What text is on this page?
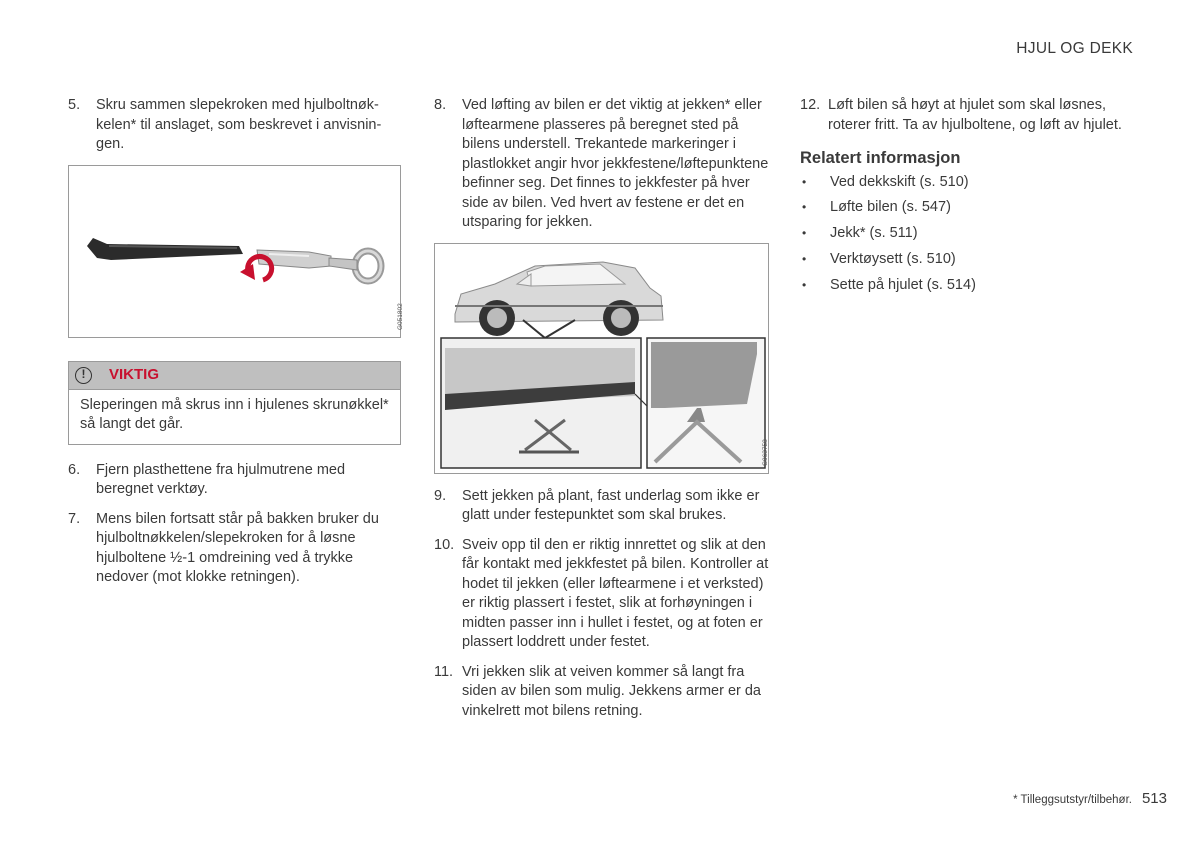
HJUL OG DEKK
5.	Skru sammen slepekroken med hjulboltnøkkelen* til anslaget, som beskrevet i anvisningen.
G051802
!	VIKTIG
Sleperingen må skrus inn i hjulenes skrunøkkel* så langt det går.
6.	Fjern plasthettene fra hjulmutrene med beregnet verktøy.
7.	Mens bilen fortsatt står på bakken bruker du hjulboltnøkkelen/slepekroken for å løsne hjulboltene ½-1 omdreining ved å trykke nedover (mot klokke retningen).
8.	Ved løfting av bilen er det viktig at jekken* eller løftearmene plasseres på beregnet sted på bilens understell. Trekantede markeringer i plastlokket angir hvor jekkfestene/løftepunktene befinner seg. Det finnes to jekkfester på hver side av bilen. Ved hvert av festene er det en utsparing for jekken.
G063758
9.	Sett jekken på plant, fast underlag som ikke er glatt under festepunktet som skal brukes.
10. Sveiv opp til den er riktig innrettet og slik at den får kontakt med jekkfestet på bilen. Kontroller at hodet til jekken (eller løftearmene i et verksted) er riktig plassert i festet, slik at forhøyningen i midten passer inn i hullet i festet, og at foten er plassert loddrett under festet.
11. Vri jekken slik at veiven kommer så langt fra siden av bilen som mulig. Jekkens armer er da vinkelrett mot bilens retning.
12. Løft bilen så høyt at hjulet som skal løsnes, roterer fritt. Ta av hjulboltene, og løft av hjulet.
Relatert informasjon
•	Ved dekkskift (s. 510)
•	Løfte bilen (s. 547)
•	Jekk* (s. 511)
•	Verktøysett (s. 510)
•	Sette på hjulet (s. 514)
* Tilleggsutstyr/tilbehør. 513
